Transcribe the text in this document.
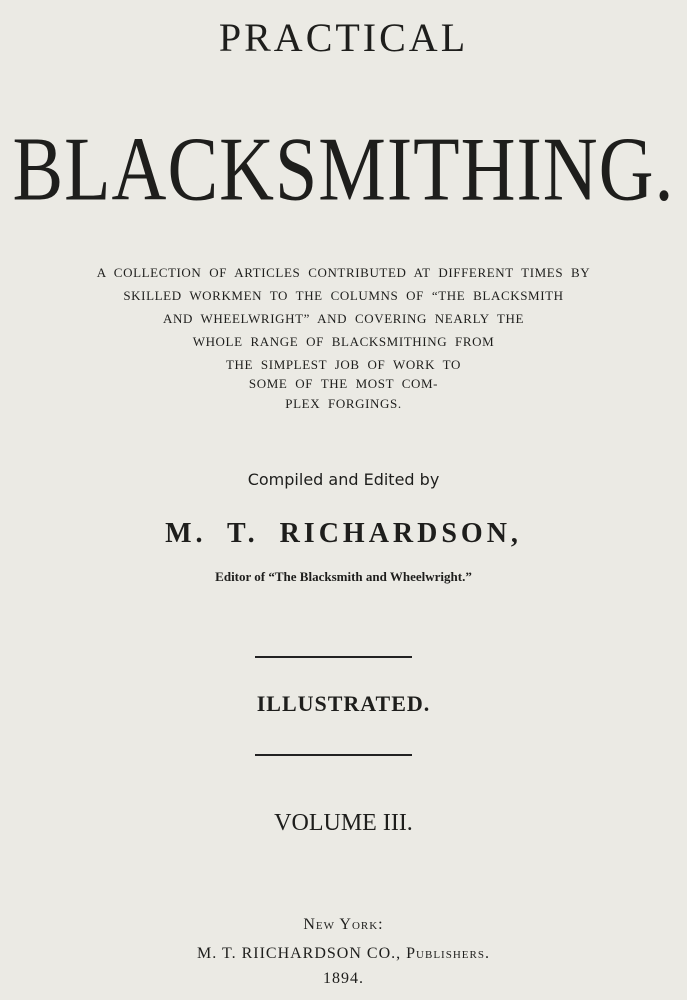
PRACTICAL
BLACKSMITHING.
A COLLECTION OF ARTICLES CONTRIBUTED AT DIFFERENT TIMES BY
SKILLED WORKMEN TO THE COLUMNS OF “THE BLACKSMITH
AND WHEELWRIGHT” AND COVERING NEARLY THE
WHOLE RANGE OF BLACKSMITHING FROM
THE SIMPLEST JOB OF WORK TO
SOME OF THE MOST COM-
PLEX FORGINGS.
Compiled and Edited by
M. T. RICHARDSON,
Editor of “The Blacksmith and Wheelwright.”
ILLUSTRATED.
VOLUME III.
New York:
M. T. RIICHARDSON CO., Publishers.
1894.
